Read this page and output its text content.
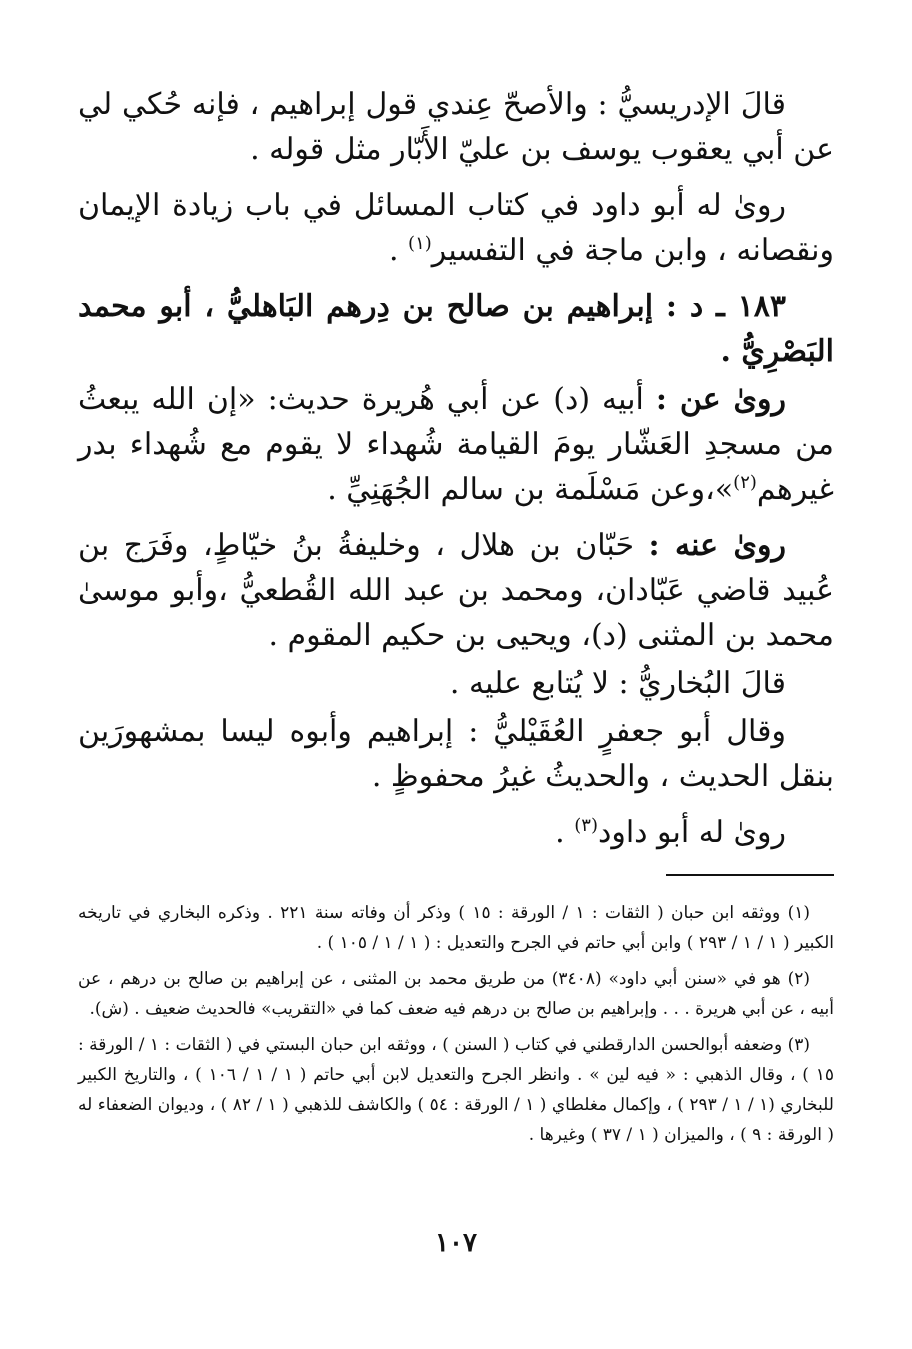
قالَ الإدريسيُّ : والأصحّ عِندي قول إبراهيم ، فإنه حُكي لي عن أبي يعقوب يوسف بن عليّ الأَبّار مثل قوله .

روىٰ له أبو داود في كتاب المسائل في باب زيادة الإيمان ونقصانه ، وابن ماجة في التفسير$^{(١)}$ .

١٨٣ ـ د : إبراهيم بن صالح بن دِرهم البَاهليُّ ، أبو محمد البَصْرِيُّ .

روىٰ عن : أبيه (د) عن أبي هُريرة حديث: «إن الله يبعثُ من مسجدِ العَشّار يومَ القيامة شُهداء لا يقوم مع شُهداء بدر غيرهم$^{(٢)}$»،وعن مَسْلَمة بن سالم الجُهَنِيِّ .

روىٰ عنه : حَبّان بن هلال ، وخليفةُ بنُ خيّاطٍ، وفَرَج بن عُبيد قاضي عَبّادان، ومحمد بن عبد الله القُطعيُّ ،وأبو موسىٰ محمد بن المثنى (د)، ويحيى بن حكيم المقوم .

قالَ البُخاريُّ : لا يُتابع عليه .

وقال أبو جعفرٍ العُقَيْليُّ : إبراهيم وأبوه ليسا بمشهورَين بنقل الحديث ، والحديثُ غيرُ محفوظٍ .

روىٰ له أبو داود$^{(٣)}$ .

(١) ووثقه ابن حبان ( الثقات : ١ / الورقة : ١٥ ) وذكر أن وفاته سنة ٢٢١ . وذكره البخاري في تاريخه الكبير ( ١ / ١ / ٢٩٣ ) وابن أبي حاتم في الجرح والتعديل : ( ١ / ١ / ١٠٥ ) .

(٢) هو في «سنن أبي داود» (٣٤٠٨) من طريق محمد بن المثنى ، عن إبراهيم بن صالح بن درهم ، عن أبيه ، عن أبي هريرة . . . وإبراهيم بن صالح بن درهم فيه ضعف كما في «التقريب» فالحديث ضعيف . (ش).

(٣) وضعفه أبوالحسن الدارقطني في كتاب ( السنن ) ، ووثقه ابن حبان البستي في ( الثقات : ١ / الورقة : ١٥ ) ، وقال الذهبي : « فيه لين » . وانظر الجرح والتعديل لابن أبي حاتم ( ١ / ١ / ١٠٦ ) ، والتاريخ الكبير للبخاري (١ / ١ / ٢٩٣ ) ، وإكمال مغلطاي ( ١ / الورقة : ٥٤ ) والكاشف للذهبي ( ١ / ٨٢ ) ، وديوان الضعفاء له ( الورقة : ٩ ) ، والميزان ( ١ / ٣٧ ) وغيرها .

١٠٧
